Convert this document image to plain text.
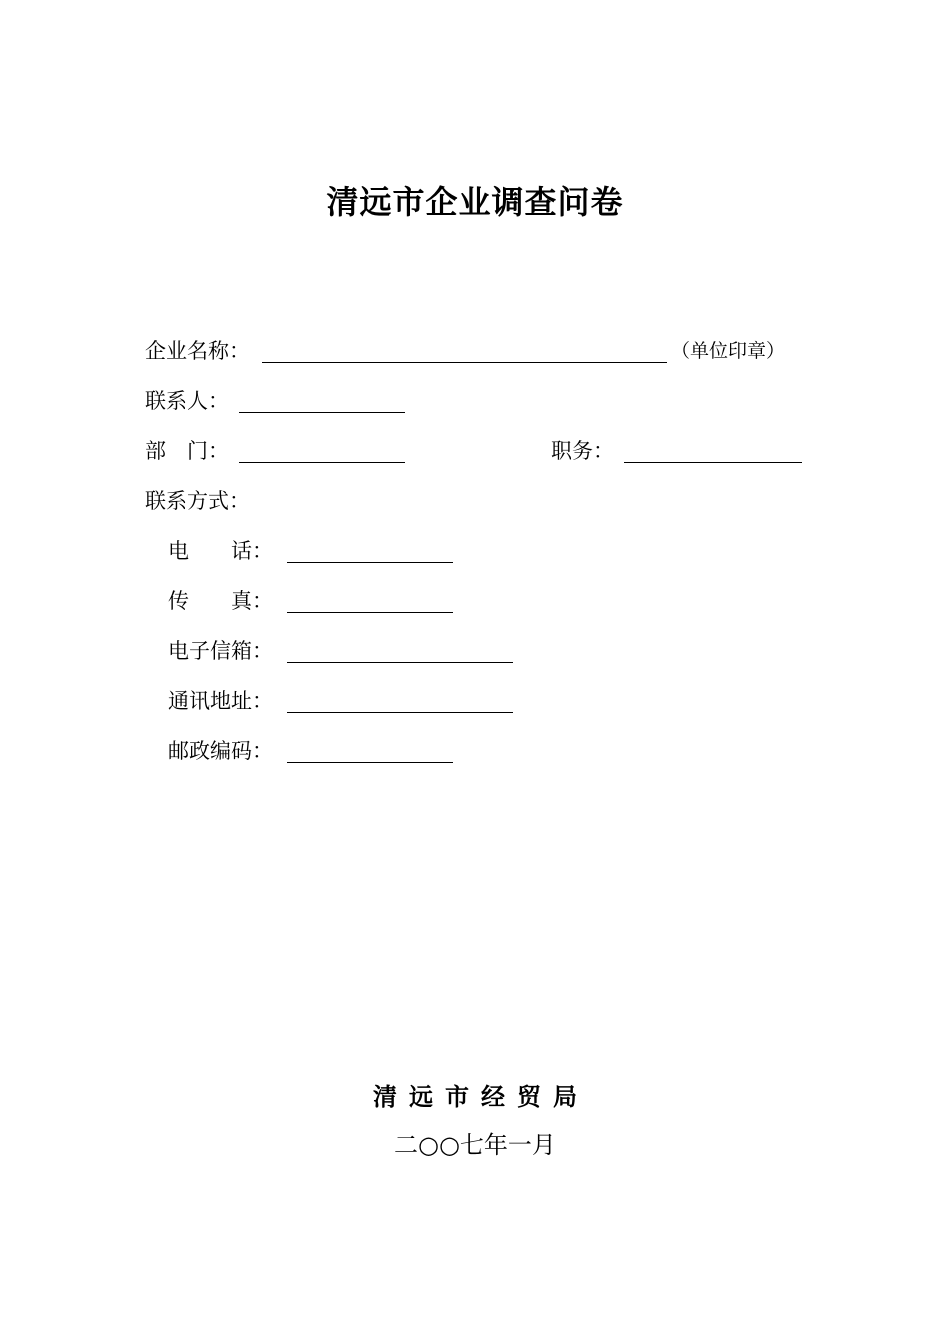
清远市企业调查问卷
企业名称：	（单位印章）
联系人：
部　门：	职务：
联系方式：
电　　话：
传　　真：
电子信箱：
通讯地址：
邮政编码：
清远市经贸局
二○○七年一月
